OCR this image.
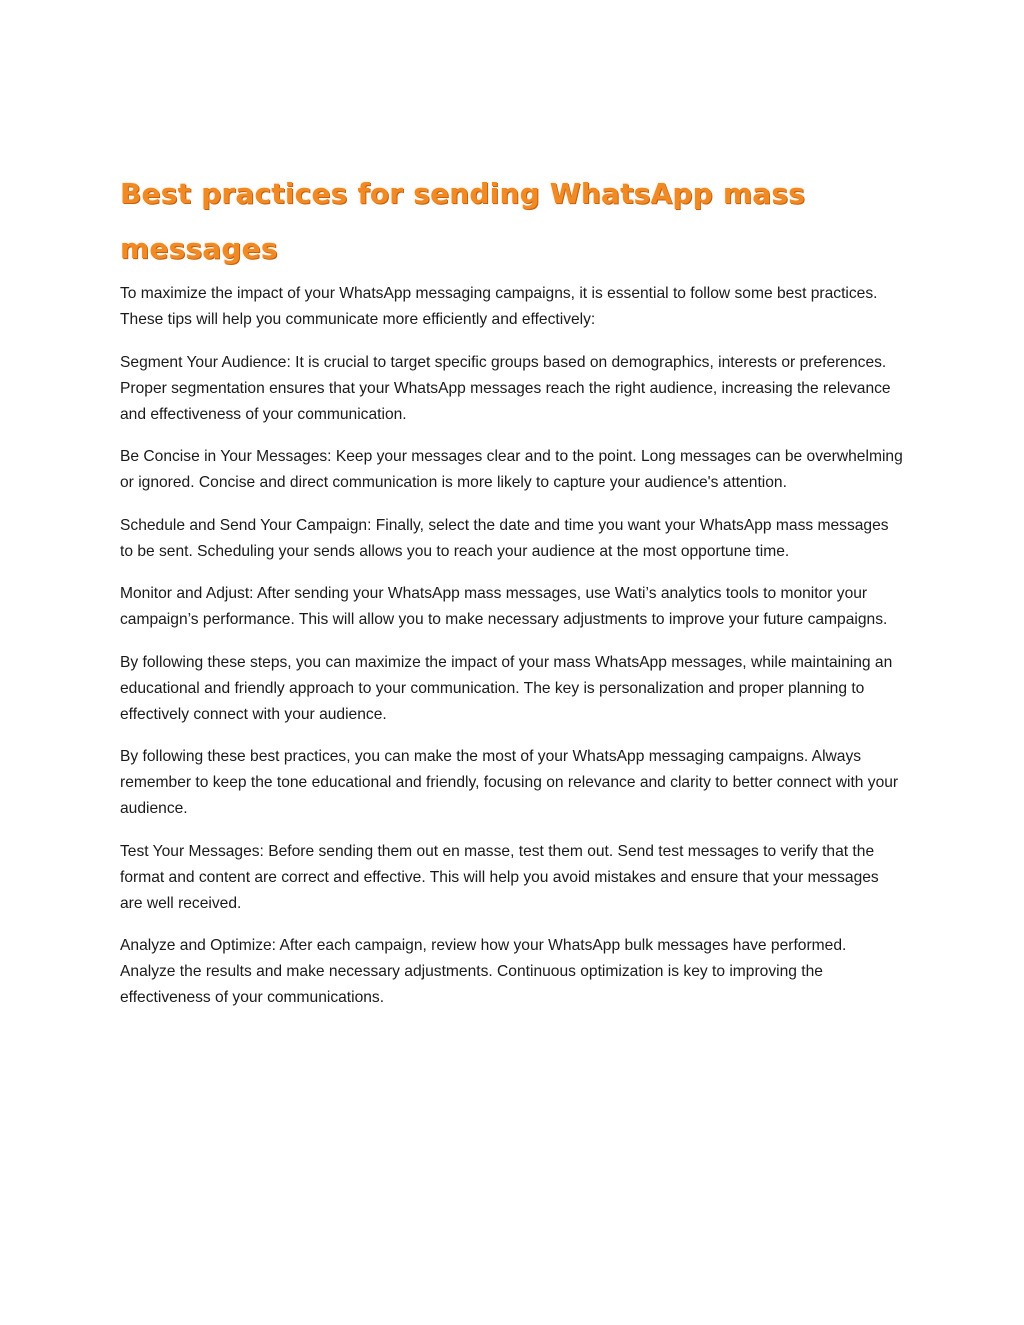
Best practices for sending WhatsApp mass messages

To maximize the impact of your WhatsApp messaging campaigns, it is essential to follow some best practices. These tips will help you communicate more efficiently and effectively:

Segment Your Audience: It is crucial to target specific groups based on demographics, interests or preferences. Proper segmentation ensures that your WhatsApp messages reach the right audience, increasing the relevance and effectiveness of your communication.

Be Concise in Your Messages: Keep your messages clear and to the point. Long messages can be overwhelming or ignored. Concise and direct communication is more likely to capture your audience's attention.

Schedule and Send Your Campaign: Finally, select the date and time you want your WhatsApp mass messages to be sent. Scheduling your sends allows you to reach your audience at the most opportune time.

Monitor and Adjust: After sending your WhatsApp mass messages, use Wati’s analytics tools to monitor your campaign’s performance. This will allow you to make necessary adjustments to improve your future campaigns.

By following these steps, you can maximize the impact of your mass WhatsApp messages, while maintaining an educational and friendly approach to your communication. The key is personalization and proper planning to effectively connect with your audience.

By following these best practices, you can make the most of your WhatsApp messaging campaigns. Always remember to keep the tone educational and friendly, focusing on relevance and clarity to better connect with your audience.

Test Your Messages: Before sending them out en masse, test them out. Send test messages to verify that the format and content are correct and effective. This will help you avoid mistakes and ensure that your messages are well received.

Analyze and Optimize: After each campaign, review how your WhatsApp bulk messages have performed. Analyze the results and make necessary adjustments. Continuous optimization is key to improving the effectiveness of your communications.
